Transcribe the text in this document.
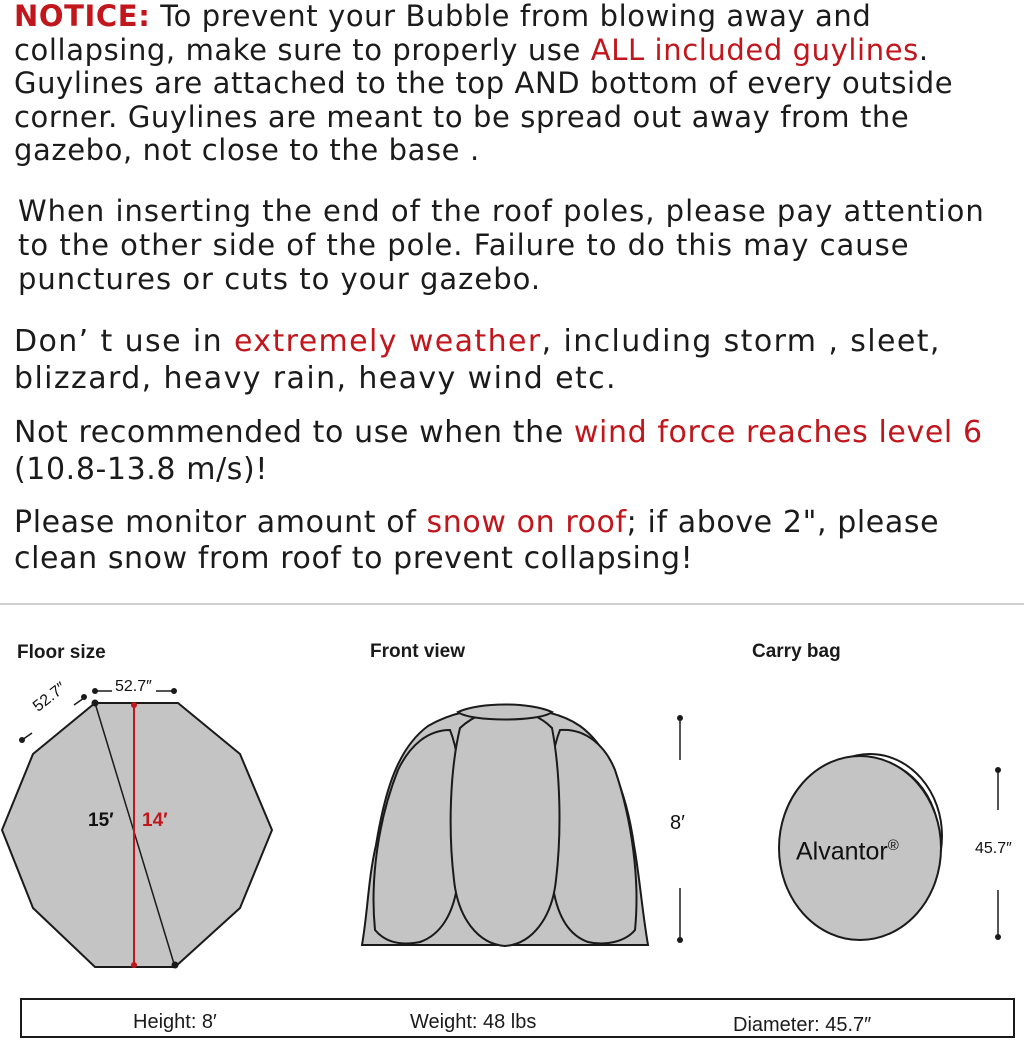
NOTICE: To prevent your Bubble from blowing away and collapsing, make sure to properly use ALL included guylines. Guylines are attached to the top AND bottom of every outside corner. Guylines are meant to be spread out away from the gazebo, not close to the base .

When inserting the end of the roof poles, please pay attention to the other side of the pole. Failure to do this may cause punctures or cuts to your gazebo.

Don’ t use in extremely weather, including storm , sleet, blizzard, heavy rain, heavy wind etc.

Not recommended to use when the wind force reaches level 6 (10.8-13.8 m/s)!

Please monitor amount of snow on roof; if above 2", please clean snow from roof to prevent collapsing!

Floor size	Front view	Carry bag
52.7″
52.7″
15′ 14′	8′
Alvantor®	45.7″
Height: 8′	Weight: 48 lbs	Diameter: 45.7″
